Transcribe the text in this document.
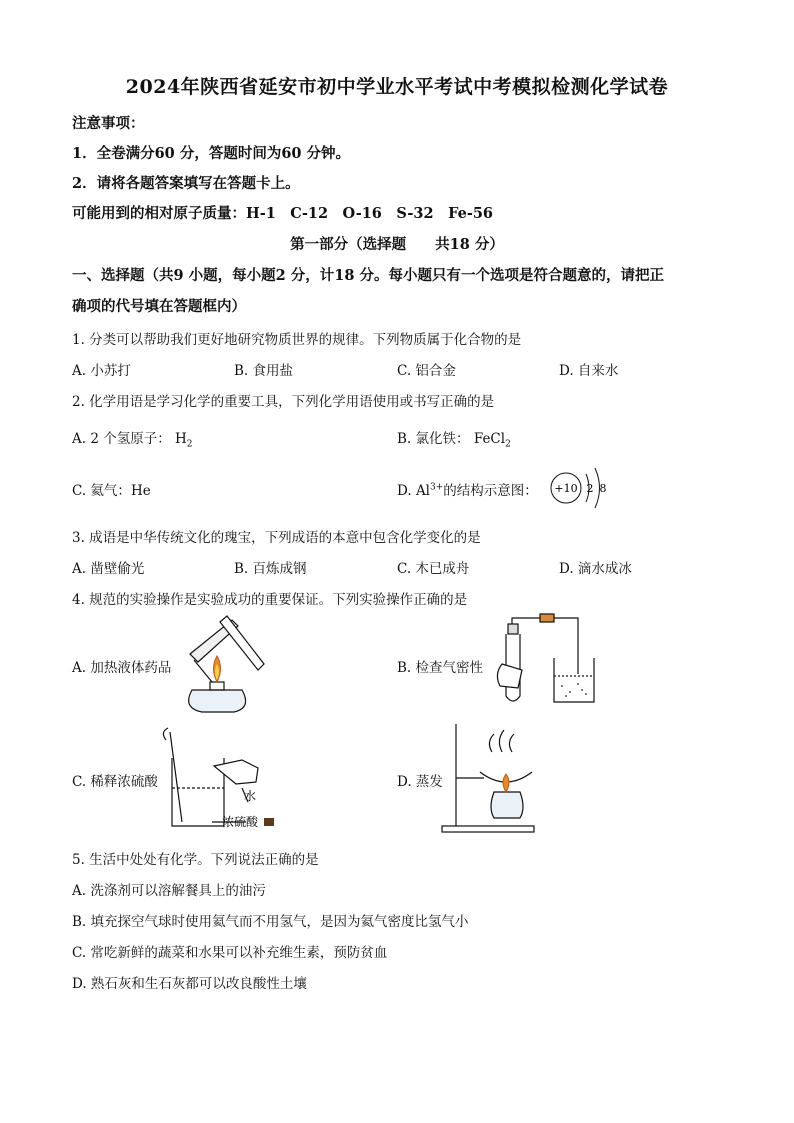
2024年陕西省延安市初中学业水平考试中考模拟检测化学试卷
注意事项：
1．全卷满分60 分，答题时间为60 分钟。
2．请将各题答案填写在答题卡上。
可能用到的相对原子质量：H-1　C-12　O-16　S-32　Fe-56
第一部分（选择题　　共18 分）
一、选择题（共9 小题，每小题2 分，计18 分。每小题只有一个选项是符合题意的，请把正
确项的代号填在答题框内）
1. 分类可以帮助我们更好地研究物质世界的规律。下列物质属于化合物的是
A. 小苏打	B. 食用盐	C. 铝合金	D. 自来水
2. 化学用语是学习化学的重要工具，下列化学用语使用或书写正确的是
A. 2 个氢原子： $H_2$	B. 氯化铁： FeCl$_2$
C. 氦气：He	D. $Al^{3+}$的结构示意图： +10 2 8
3. 成语是中华传统文化的瑰宝，下列成语的本意中包含化学变化的是
A. 凿壁偷光	B. 百炼成钢	C. 木已成舟	D. 滴水成冰
4. 规范的实验操作是实验成功的重要保证。下列实验操作正确的是
A. 加热液体药品	B. 检查气密性
C. 稀释浓硫酸	D. 蒸发
水
浓硫酸
5. 生活中处处有化学。下列说法正确的是
A. 洗涤剂可以溶解餐具上的油污
B. 填充探空气球时使用氦气而不用氢气，是因为氦气密度比氢气小
C. 常吃新鲜的蔬菜和水果可以补充维生素，预防贫血
D. 熟石灰和生石灰都可以改良酸性土壤
